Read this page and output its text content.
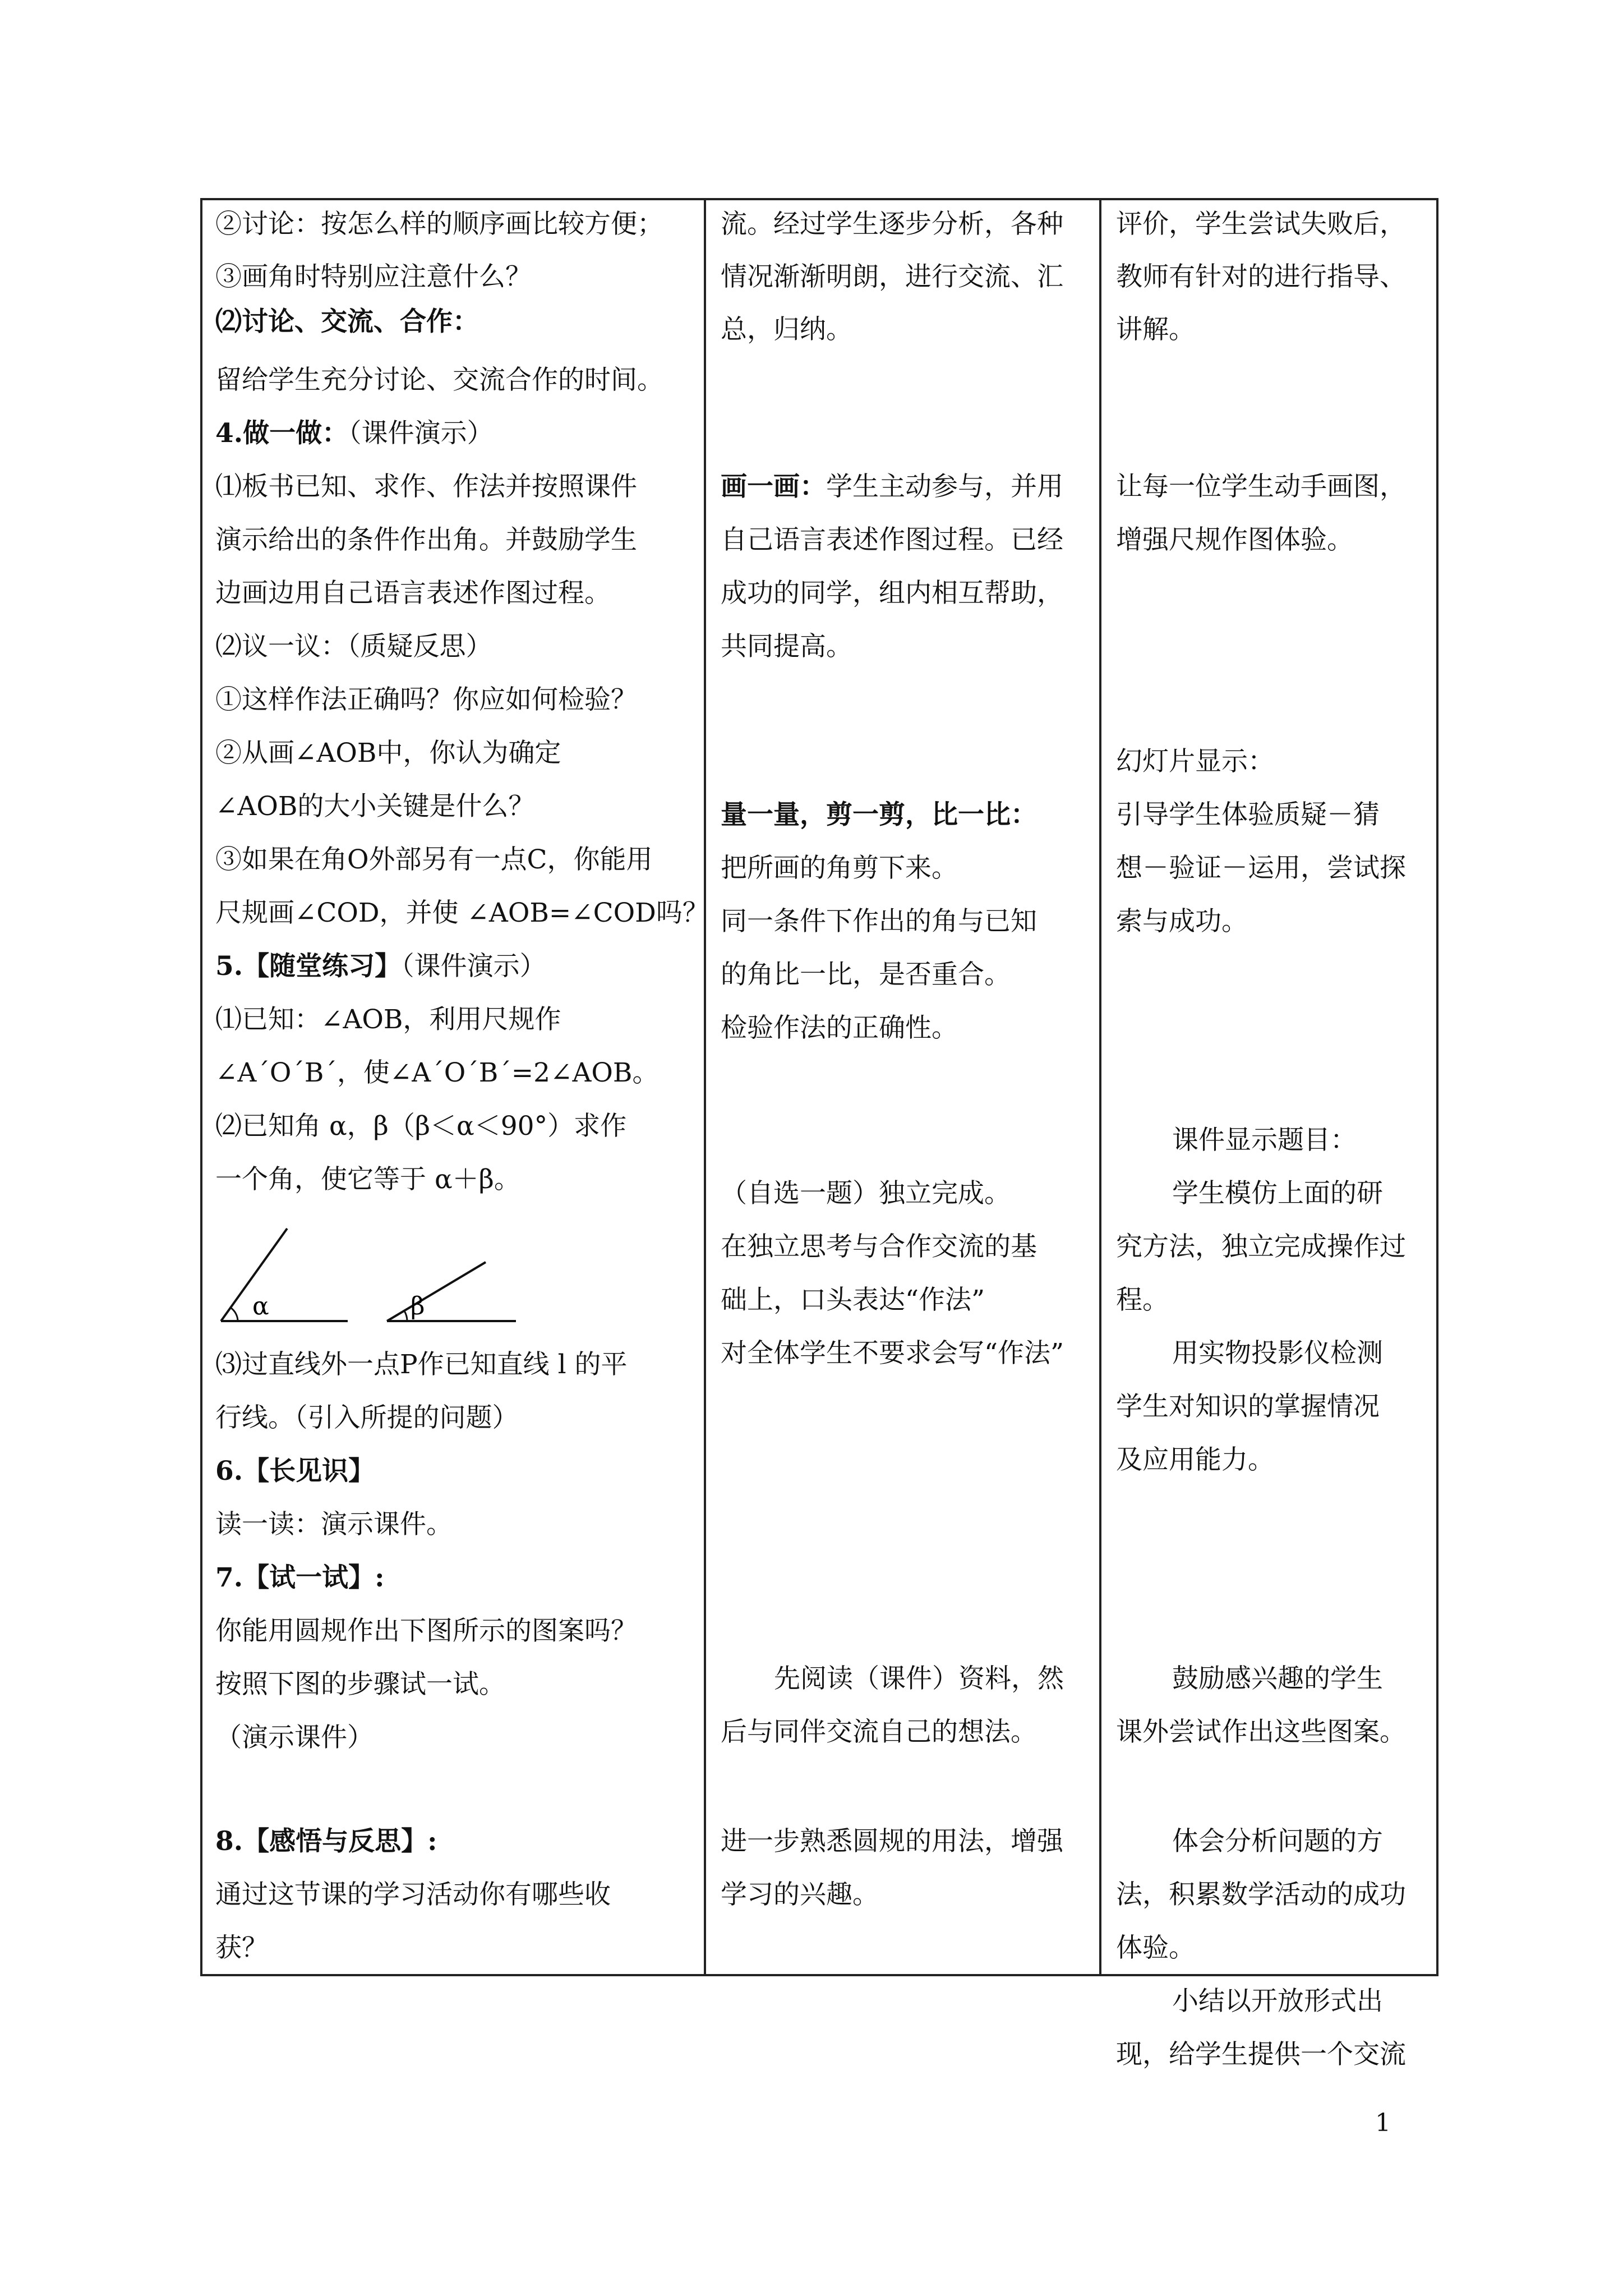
②讨论：按怎么样的顺序画比较方便；
③画角时特别应注意什么？
⑵讨论、交流、合作：
留给学生充分讨论、交流合作的时间。
4.做一做：（课件演示）
⑴板书已知、求作、作法并按照课件
演示给出的条件作出角。并鼓励学生
边画边用自己语言表述作图过程。
⑵议一议：（质疑反思）
①这样作法正确吗？你应如何检验？
②从画∠AOB中，你认为确定
∠AOB的大小关键是什么？
③如果在角O外部另有一点C，你能用
尺规画∠COD，并使 ∠AOB=∠COD吗？
5.【随堂练习】（课件演示）
⑴已知：∠AOB，利用尺规作
∠A´O´B´，使∠A´O´B´=2∠AOB。
⑵已知角 α，β（β＜α＜90°）求作
一个角，使它等于 α＋β。
α	β
⑶过直线外一点P作已知直线 l 的平
行线。（引入所提的问题）
6.【长见识】
读一读：演示课件。
7.【试一试】:
你能用圆规作出下图所示的图案吗？
按照下图的步骤试一试。
（演示课件）
8.【感悟与反思】:
通过这节课的学习活动你有哪些收
获？
流。经过学生逐步分析，各种
情况渐渐明朗，进行交流、汇
总，归纳。
画一画：学生主动参与，并用
自己语言表述作图过程。已经
成功的同学，组内相互帮助，
共同提高。
量一量，剪一剪，比一比：
把所画的角剪下来。
同一条件下作出的角与已知
的角比一比，是否重合。
检验作法的正确性。
（自选一题）独立完成。
在独立思考与合作交流的基
础上，口头表达“作法”
对全体学生不要求会写“作法”
先阅读（课件）资料，然
后与同伴交流自己的想法。
进一步熟悉圆规的用法，增强
学习的兴趣。
评价，学生尝试失败后，
教师有针对的进行指导、
讲解。
让每一位学生动手画图，
增强尺规作图体验。
幻灯片显示：
引导学生体验质疑－猜
想－验证－运用，尝试探
索与成功。
课件显示题目：
学生模仿上面的研
究方法，独立完成操作过
程。
用实物投影仪检测
学生对知识的掌握情况
及应用能力。
鼓励感兴趣的学生
课外尝试作出这些图案。
体会分析问题的方
法，积累数学活动的成功
体验。
小结以开放形式出
现，给学生提供一个交流
1
